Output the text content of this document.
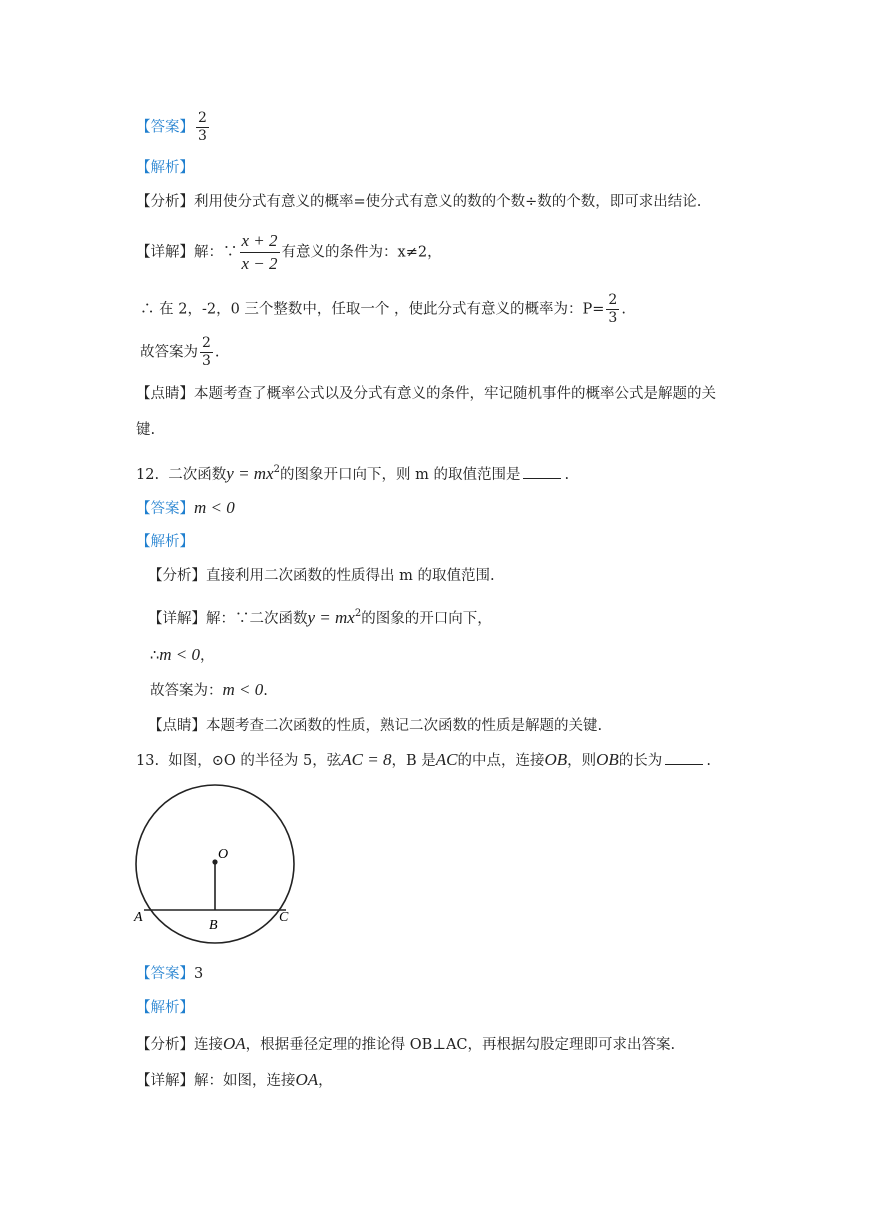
【答案】 $\frac{2}{3}$
【解析】
【分析】利用使分式有意义的概率=使分式有意义的数的个数÷数的个数，即可求出结论.
【详解】解：∵ $\frac{x + 2}{x - 2}$ 有意义的条件为：x≠2，
∴ 在 2，-2，0 三个整数中，任取一个 ，使此分式有意义的概率为：$P= \frac{2}{3}$ .
故答案为 $\frac{2}{3}$ .
【点睛】本题考查了概率公式以及分式有意义的条件，牢记随机事件的概率公式是解题的关
键.
12. 二次函数$y = mx^2$的图象开口向下，则 m 的取值范围是	.
【答案】m < 0
【解析】
【分析】直接利用二次函数的性质得出 m 的取值范围.
【详解】解：∵二次函数$y = mx^2$的图象的开口向下，
∴m < 0，
故答案为：m < 0.
【点睛】本题考查二次函数的性质，熟记二次函数的性质是解题的关键.
13. 如图，⊙O 的半径为 5，弦AC = 8，B 是AC的中点，连接OB，则OB的长为	.
O
A
B
C
【答案】3
【解析】
【分析】连接OA，根据垂径定理的推论得 OB⊥AC，再根据勾股定理即可求出答案.
【详解】解：如图，连接OA，
